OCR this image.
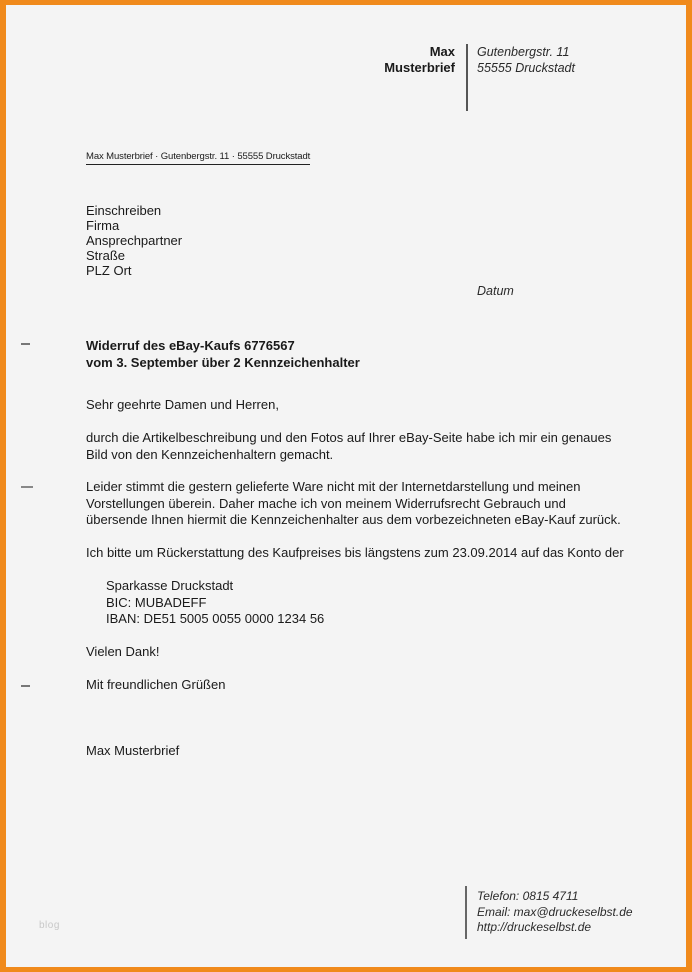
Max
Musterbrief
Gutenbergstr. 11
55555 Druckstadt
Max Musterbrief · Gutenbergstr. 11 · 55555 Druckstadt
Einschreiben
Firma
Ansprechpartner
Straße
PLZ Ort
Datum
Widerruf des eBay-Kaufs 6776567
vom 3. September über 2 Kennzeichenhalter
Sehr geehrte Damen und Herren,
durch die Artikelbeschreibung und den Fotos auf Ihrer eBay-Seite habe ich mir ein genaues
Bild von den Kennzeichenhaltern gemacht.
Leider stimmt die gestern gelieferte Ware nicht mit der Internetdarstellung und meinen
Vorstellungen überein. Daher mache ich von meinem Widerrufsrecht Gebrauch und
übersende Ihnen hiermit die Kennzeichenhalter aus dem vorbezeichneten eBay-Kauf zurück.
Ich bitte um Rückerstattung des Kaufpreises bis längstens zum 23.09.2014 auf das Konto der
Sparkasse Druckstadt
BIC: MUBADEFF
IBAN: DE51 5005 0055 0000 1234 56
Vielen Dank!
Mit freundlichen Grüßen
Max Musterbrief
Telefon: 0815 4711
Email: max@druckeselbst.de
http://druckeselbst.de
blog
